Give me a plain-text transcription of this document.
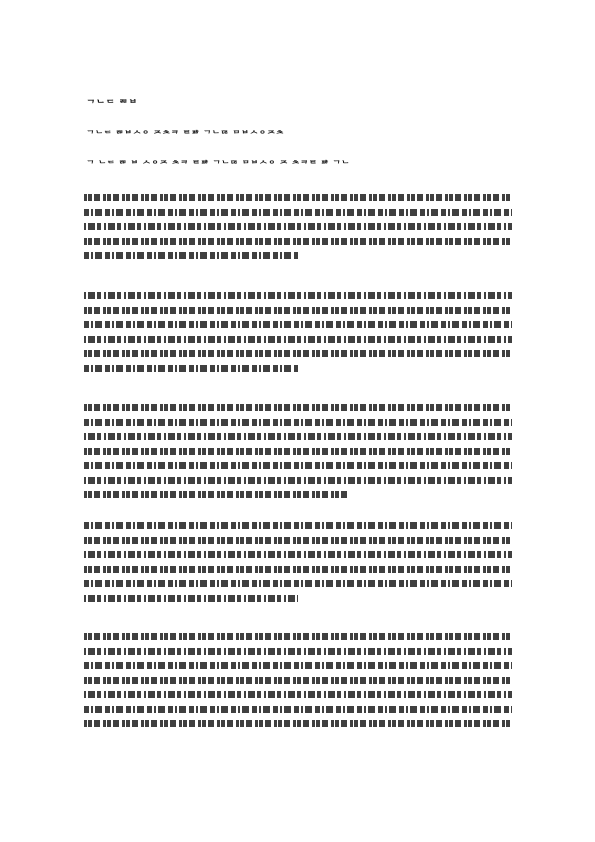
ᄀᄂᄃ ᄅᄆᄇ
ᄀᄂᄃ ᄅᄆᄇᄉᄋ ᄌᄎᄏ ᄐᄑᄒ ᄀᄂᄃᄅ ᄆᄇᄉᄋᄌᄎ
ᄀ ᄂᄃ ᄅᄆ ᄇ ᄉᄋᄌ ᄎᄏ ᄐᄑᄒ ᄀᄂᄃᄅ ᄆᄇᄉᄋ ᄌ ᄎᄏᄐ ᄑᄒ ᄀᄂ
